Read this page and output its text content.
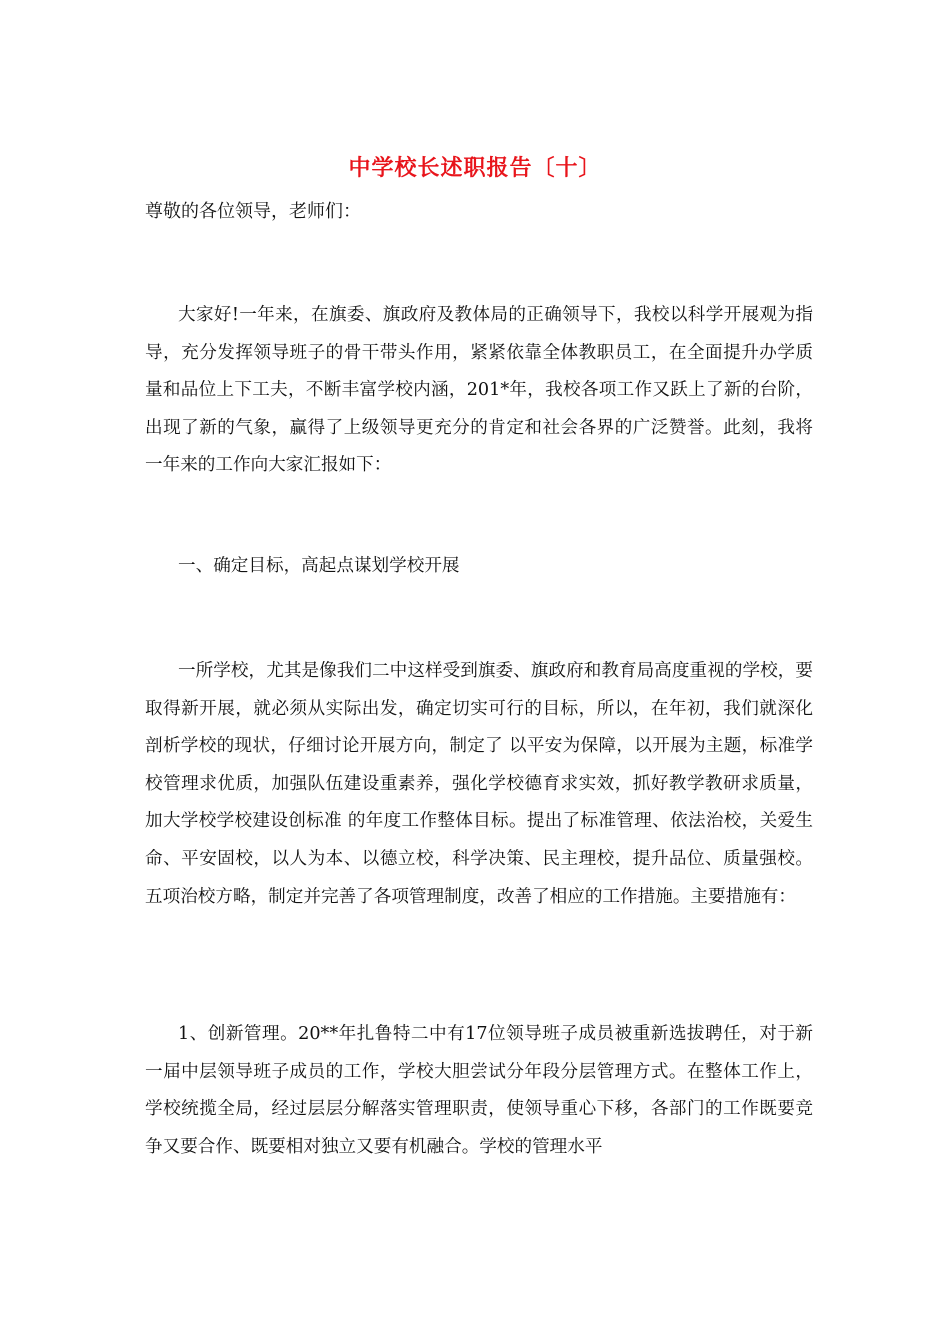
中学校长述职报告〔十〕
尊敬的各位领导，老师们：

大家好!一年来，在旗委、旗政府及教体局的正确领导下，我校以科学开展观为指导，充分发挥领导班子的骨干带头作用，紧紧依靠全体教职员工，在全面提升办学质量和品位上下工夫，不断丰富学校内涵，201*年，我校各项工作又跃上了新的台阶，出现了新的气象，赢得了上级领导更充分的肯定和社会各界的广泛赞誉。此刻，我将一年来的工作向大家汇报如下：

一、确定目标，高起点谋划学校开展

一所学校，尤其是像我们二中这样受到旗委、旗政府和教育局高度重视的学校，要取得新开展，就必须从实际出发，确定切实可行的目标，所以，在年初，我们就深化剖析学校的现状，仔细讨论开展方向，制定了 以平安为保障，以开展为主题，标准学校管理求优质，加强队伍建设重素养，强化学校德育求实效，抓好教学教研求质量，加大学校学校建设创标准 的年度工作整体目标。提出了标准管理、依法治校，关爱生命、平安固校，以人为本、以德立校，科学决策、民主理校，提升品位、质量强校。 五项治校方略，制定并完善了各项管理制度，改善了相应的工作措施。主要措施有：

1、创新管理。20**年扎鲁特二中有17位领导班子成员被重新选拔聘任，对于新一届中层领导班子成员的工作，学校大胆尝试分年段分层管理方式。在整体工作上，学校统揽全局，经过层层分解落实管理职责，使领导重心下移，各部门的工作既要竞争又要合作、既要相对独立又要有机融合。学校的管理水平
